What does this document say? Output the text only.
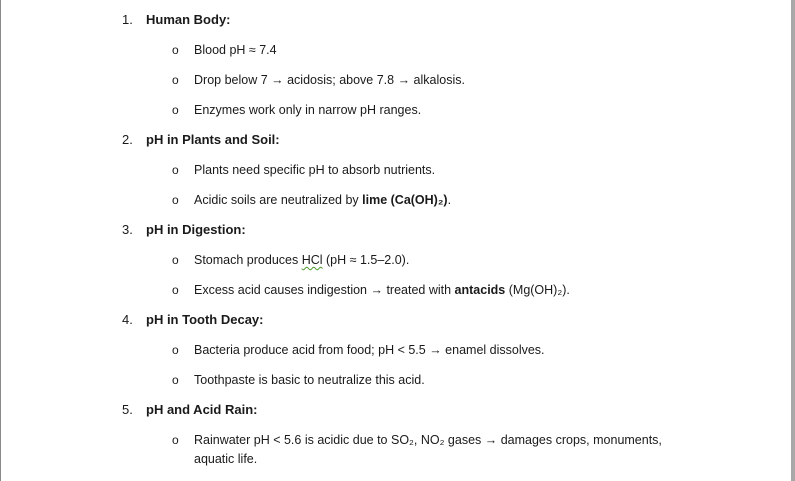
1. Human Body:
o Blood pH ≈ 7.4
o Drop below 7 → acidosis; above 7.8 → alkalosis.
o Enzymes work only in narrow pH ranges.
2. pH in Plants and Soil:
o Plants need specific pH to absorb nutrients.
o Acidic soils are neutralized by lime (Ca(OH)₂).
3. pH in Digestion:
o Stomach produces HCl (pH ≈ 1.5–2.0).
o Excess acid causes indigestion → treated with antacids (Mg(OH)₂).
4. pH in Tooth Decay:
o Bacteria produce acid from food; pH < 5.5 → enamel dissolves.
o Toothpaste is basic to neutralize this acid.
5. pH and Acid Rain:
o Rainwater pH < 5.6 is acidic due to SO₂, NO₂ gases → damages crops, monuments,
aquatic life.
